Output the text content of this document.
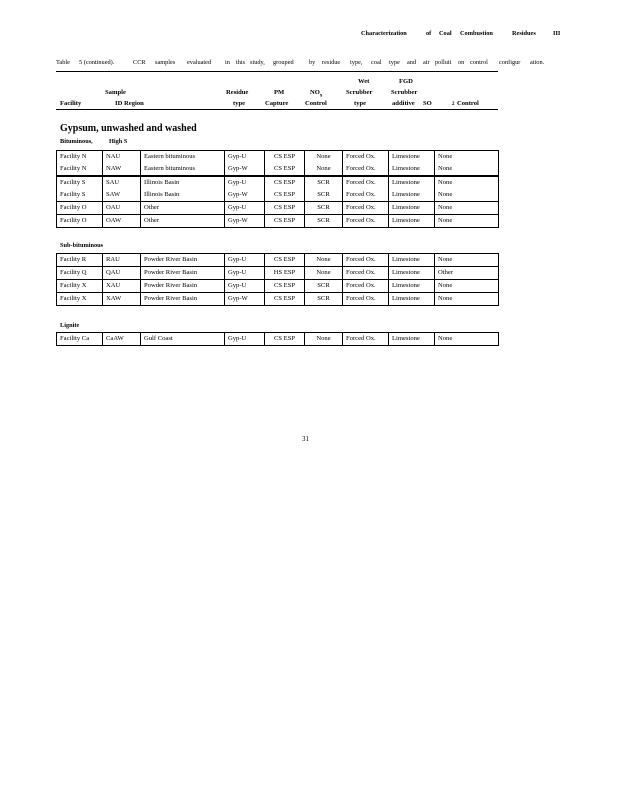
Characterization	of Coal Combustion	Residues	III
Table 5 (continued).	CCR samples evaluated in this study, grouped by residue type, coal type and air polluti on control configur ation.
Wet	FGD
Sample	Residue	PM	$NO_x$	Scrubber	Scrubber
Facility	ID Region	type	Capture	Control	type	additive SO	2 Control
Gypsum, unwashed and washed
Bituminous,	High S
Facility N	NAU	Eastern bituminous	Gyp-U	CS ESP	None	Forced Ox.	Limestone	None
Facility N	NAW	Eastern bituminous	Gyp-W	CS ESP	None	Forced Ox.	Limestone	None
Facility S	SAU	Illinois Basin	Gyp-U	CS ESP	SCR	Forced Ox.	Limestone	None
Facility S	SAW	Illinois Basin	Gyp-W	CS ESP	SCR	Forced Ox.	Limestone	None
Facility O	OAU	Other	Gyp-U	CS ESP	SCR	Forced Ox.	Limestone	None
Facility O	OAW	Other	Gyp-W	CS ESP	SCR	Forced Ox.	Limestone	None
Sub-bituminous
Facility R	RAU	Powder River Basin	Gyp-U	CS ESP	None	Forced Ox.	Limestone	None
Facility Q	QAU	Powder River Basin	Gyp-U	HS ESP	None	Forced Ox.	Limestone	Other
Facility X	XAU	Powder River Basin	Gyp-U	CS ESP	SCR	Forced Ox.	Limestone	None
Facility X	XAW	Powder River Basin	Gyp-W	CS ESP	SCR	Forced Ox.	Limestone	None
Lignite
Facility Ca	CaAW	Gulf Coast	Gyp-U	CS ESP	None	Forced Ox.	Limestone	None
31
